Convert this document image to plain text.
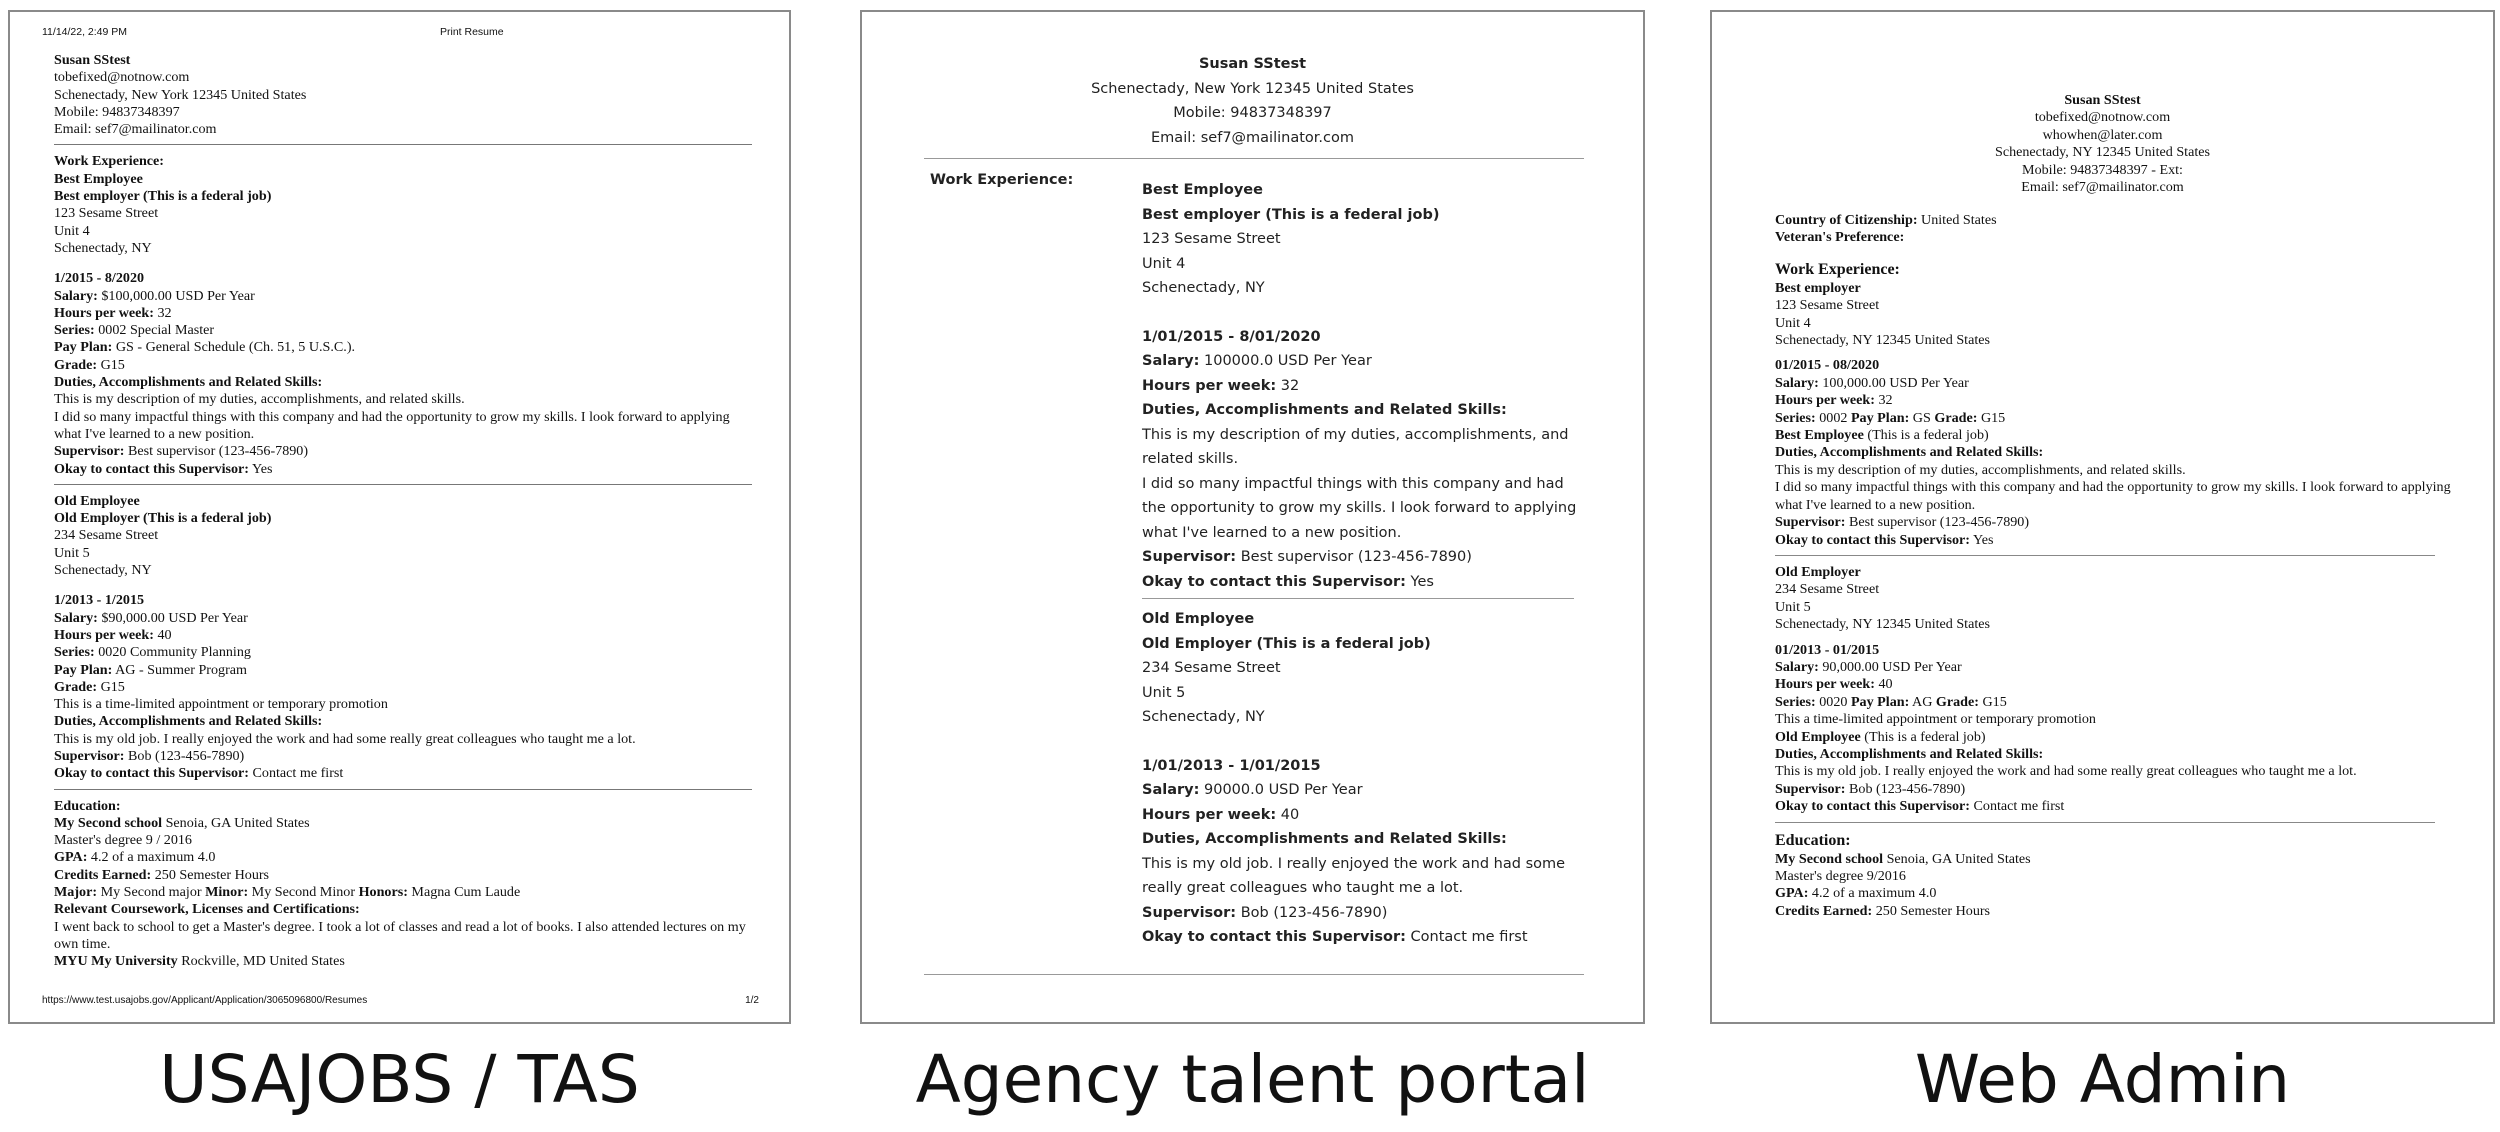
11/14/22, 2:49 PM	Print Resume
Susan SStest
tobefixed@notnow.com
Schenectady, New York 12345 United States
Mobile: 94837348397
Email: sef7@mailinator.com
Work Experience:
Best Employee
Best employer (This is a federal job)
123 Sesame Street
Unit 4
Schenectady, NY
1/2015 - 8/2020
Salary: $100,000.00 USD Per Year
Hours per week: 32
Series: 0002 Special Master
Pay Plan: GS - General Schedule (Ch. 51, 5 U.S.C.).
Grade: G15
Duties, Accomplishments and Related Skills:
This is my description of my duties, accomplishments, and related skills.
I did so many impactful things with this company and had the opportunity to grow my skills. I look forward to applying what I've learned to a new position.
Supervisor: Best supervisor (123-456-7890)
Okay to contact this Supervisor: Yes
Old Employee
Old Employer (This is a federal job)
234 Sesame Street
Unit 5
Schenectady, NY
1/2013 - 1/2015
Salary: $90,000.00 USD Per Year
Hours per week: 40
Series: 0020 Community Planning
Pay Plan: AG - Summer Program
Grade: G15
This is a time-limited appointment or temporary promotion
Duties, Accomplishments and Related Skills:
This is my old job. I really enjoyed the work and had some really great colleagues who taught me a lot.
Supervisor: Bob (123-456-7890)
Okay to contact this Supervisor: Contact me first
Education:
My Second school Senoia, GA United States
Master's degree 9 / 2016
GPA: 4.2 of a maximum 4.0
Credits Earned: 250 Semester Hours
Major: My Second major Minor: My Second Minor Honors: Magna Cum Laude
Relevant Coursework, Licenses and Certifications:
I went back to school to get a Master's degree. I took a lot of classes and read a lot of books. I also attended lectures on my own time.
MYU My University Rockville, MD United States
https://www.test.usajobs.gov/Applicant/Application/3065096800/Resumes	1/2
Susan SStest
Schenectady, New York 12345 United States
Mobile: 94837348397
Email: sef7@mailinator.com
Work Experience:
Best Employee
Best employer (This is a federal job)
123 Sesame Street
Unit 4
Schenectady, NY
1/01/2015 - 8/01/2020
Salary: 100000.0 USD Per Year
Hours per week: 32
Duties, Accomplishments and Related Skills:
This is my description of my duties, accomplishments, and related skills.
I did so many impactful things with this company and had the opportunity to grow my skills. I look forward to applying what I've learned to a new position.
Supervisor: Best supervisor (123-456-7890)
Okay to contact this Supervisor: Yes
Old Employee
Old Employer (This is a federal job)
234 Sesame Street
Unit 5
Schenectady, NY
1/01/2013 - 1/01/2015
Salary: 90000.0 USD Per Year
Hours per week: 40
Duties, Accomplishments and Related Skills:
This is my old job. I really enjoyed the work and had some really great colleagues who taught me a lot.
Supervisor: Bob (123-456-7890)
Okay to contact this Supervisor: Contact me first
Susan SStest
tobefixed@notnow.com
whowhen@later.com
Schenectady, NY 12345 United States
Mobile: 94837348397 - Ext:
Email: sef7@mailinator.com
Country of Citizenship: United States
Veteran's Preference:
Work Experience:
Best employer
123 Sesame Street
Unit 4
Schenectady, NY 12345 United States
01/2015 - 08/2020
Salary: 100,000.00 USD Per Year
Hours per week: 32
Series: 0002 Pay Plan: GS Grade: G15
Best Employee (This is a federal job)
Duties, Accomplishments and Related Skills:
This is my description of my duties, accomplishments, and related skills.
I did so many impactful things with this company and had the opportunity to grow my skills. I look forward to applying what I've learned to a new position.
Supervisor: Best supervisor (123-456-7890)
Okay to contact this Supervisor: Yes
Old Employer
234 Sesame Street
Unit 5
Schenectady, NY 12345 United States
01/2013 - 01/2015
Salary: 90,000.00 USD Per Year
Hours per week: 40
Series: 0020 Pay Plan: AG Grade: G15
This a time-limited appointment or temporary promotion
Old Employee (This is a federal job)
Duties, Accomplishments and Related Skills:
This is my old job. I really enjoyed the work and had some really great colleagues who taught me a lot.
Supervisor: Bob (123-456-7890)
Okay to contact this Supervisor: Contact me first
Education:
My Second school Senoia, GA United States
Master's degree 9/2016
GPA: 4.2 of a maximum 4.0
Credits Earned: 250 Semester Hours
USAJOBS / TAS	Agency talent portal	Web Admin
